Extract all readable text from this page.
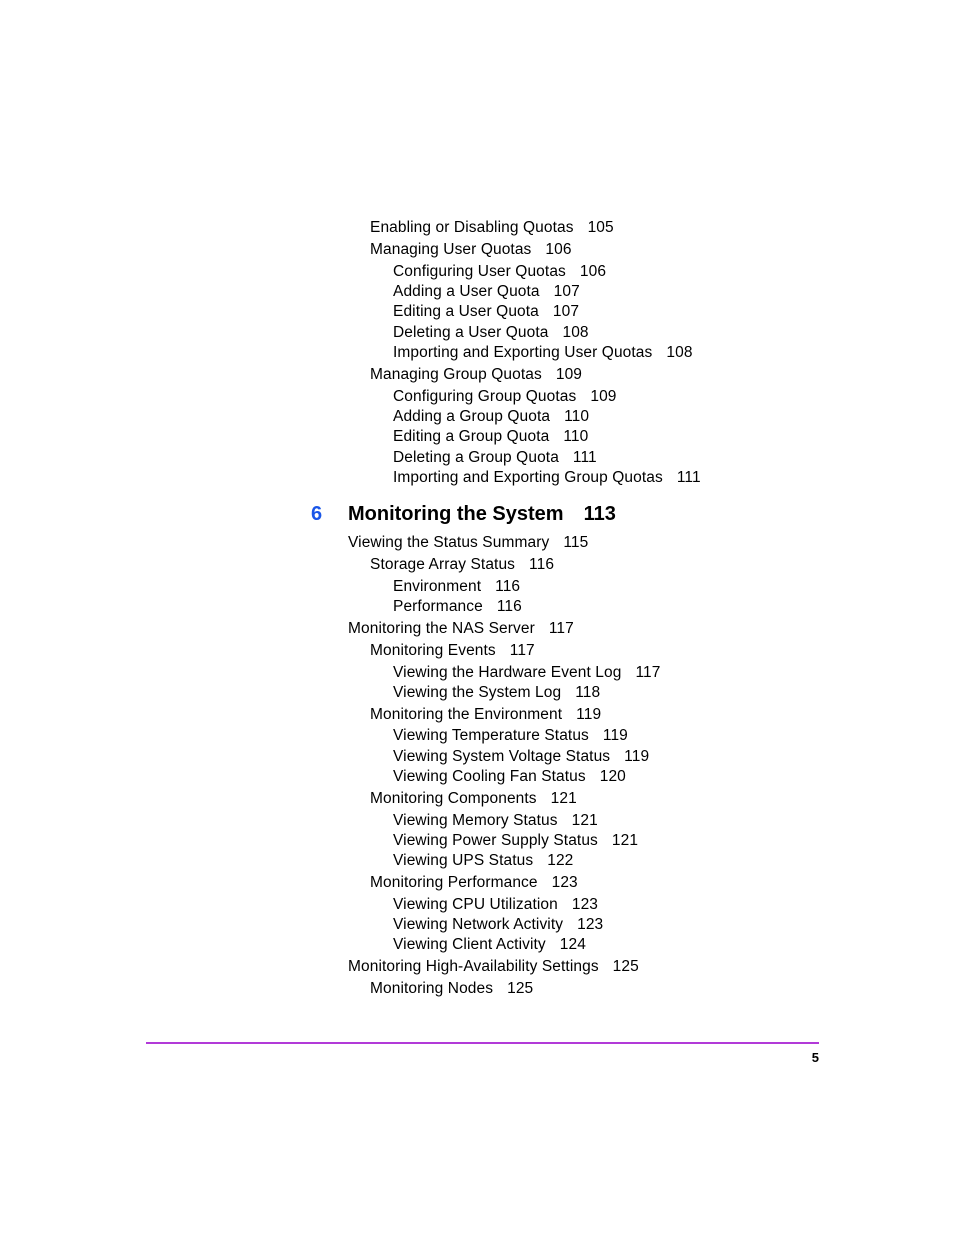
Enabling or Disabling Quotas 105
Managing User Quotas 106
Configuring User Quotas 106
Adding a User Quota 107
Editing a User Quota 107
Deleting a User Quota 108
Importing and Exporting User Quotas 108
Managing Group Quotas 109
Configuring Group Quotas 109
Adding a Group Quota 110
Editing a Group Quota 110
Deleting a Group Quota 111
Importing and Exporting Group Quotas 111
6 Monitoring the System 113
Viewing the Status Summary 115
Storage Array Status 116
Environment 116
Performance 116
Monitoring the NAS Server 117
Monitoring Events 117
Viewing the Hardware Event Log 117
Viewing the System Log 118
Monitoring the Environment 119
Viewing Temperature Status 119
Viewing System Voltage Status 119
Viewing Cooling Fan Status 120
Monitoring Components 121
Viewing Memory Status 121
Viewing Power Supply Status 121
Viewing UPS Status 122
Monitoring Performance 123
Viewing CPU Utilization 123
Viewing Network Activity 123
Viewing Client Activity 124
Monitoring High-Availability Settings 125
Monitoring Nodes 125
5
